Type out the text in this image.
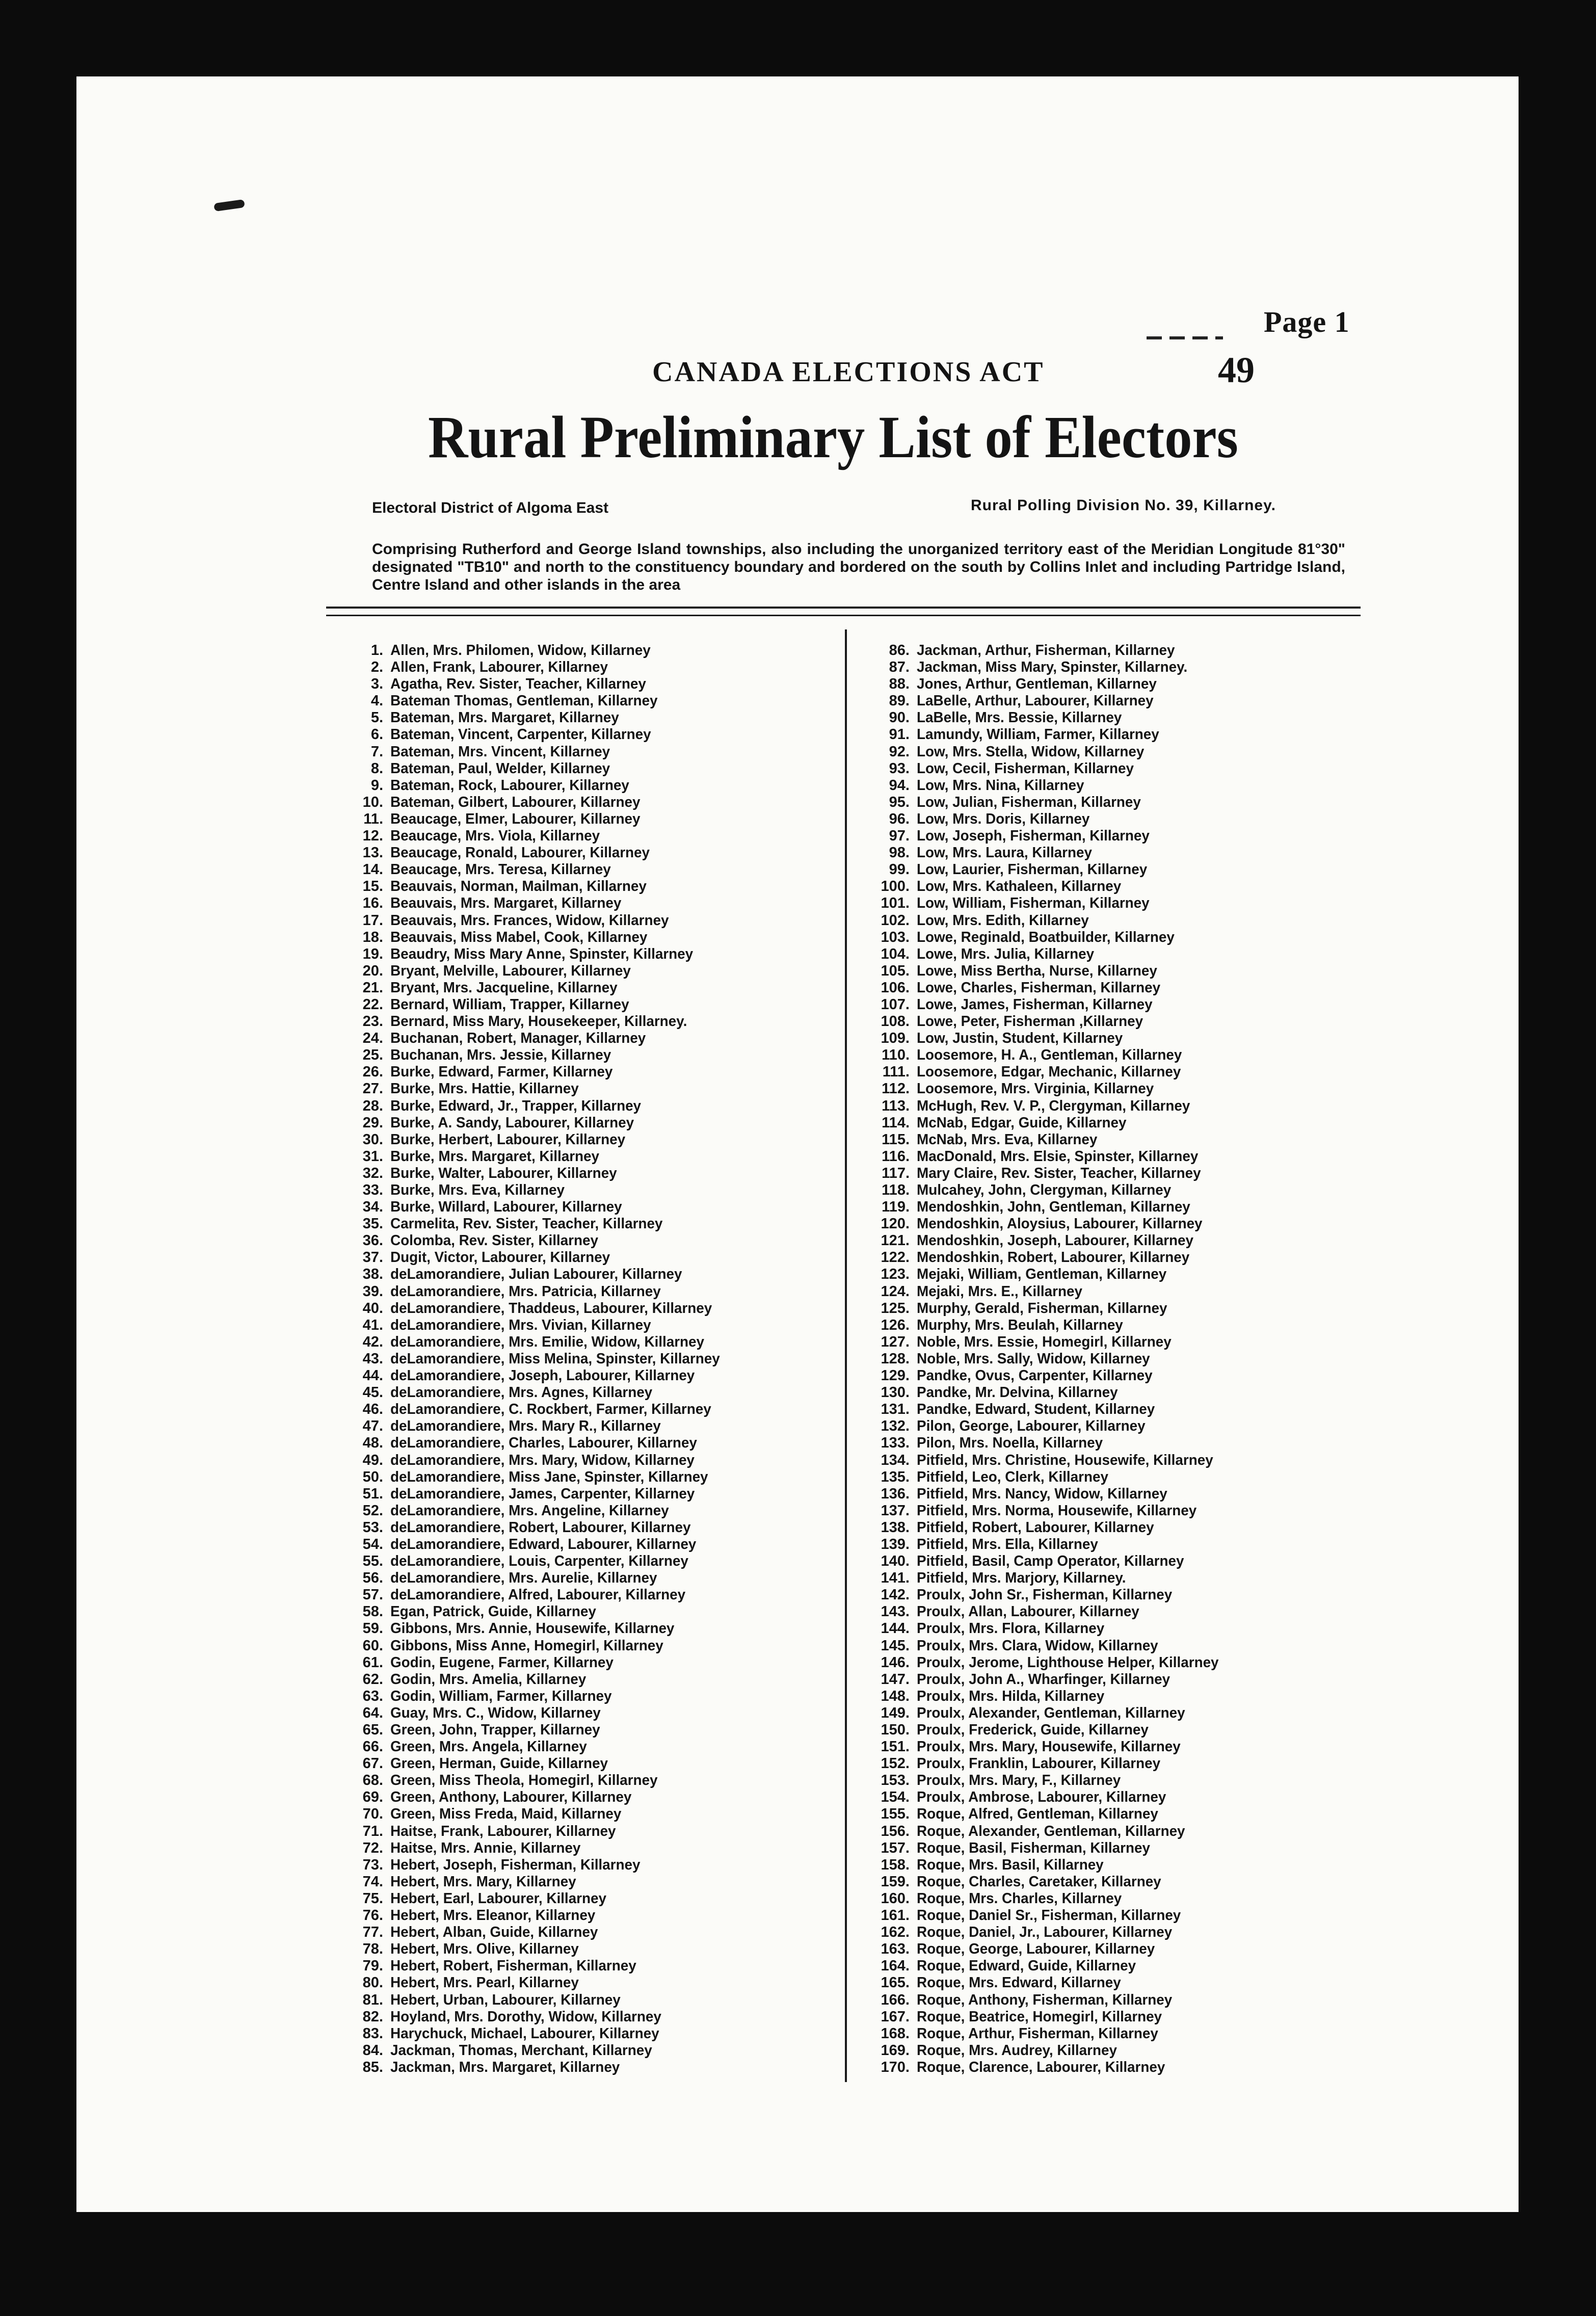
Page 1
CANADA ELECTIONS ACT	49
Rural Preliminary List of Electors
Electoral District of Algoma East	Rural Polling Division No. 39, Killarney.
Comprising Rutherford and George Island townships, also including the unorganized territory east of the Meridian Longitude 81°30" designated "TB10" and north to the constituency boundary and bordered on the south by Collins Inlet and including Partridge Island, Centre Island and other islands in the area
1. Allen, Mrs. Philomen, Widow, Killarney
2. Allen, Frank, Labourer, Killarney
3. Agatha, Rev. Sister, Teacher, Killarney
4. Bateman Thomas, Gentleman, Killarney
5. Bateman, Mrs. Margaret, Killarney
6. Bateman, Vincent, Carpenter, Killarney
7. Bateman, Mrs. Vincent, Killarney
8. Bateman, Paul, Welder, Killarney
9. Bateman, Rock, Labourer, Killarney
10. Bateman, Gilbert, Labourer, Killarney
11. Beaucage, Elmer, Labourer, Killarney
12. Beaucage, Mrs. Viola, Killarney
13. Beaucage, Ronald, Labourer, Killarney
14. Beaucage, Mrs. Teresa, Killarney
15. Beauvais, Norman, Mailman, Killarney
16. Beauvais, Mrs. Margaret, Killarney
17. Beauvais, Mrs. Frances, Widow, Killarney
18. Beauvais, Miss Mabel, Cook, Killarney
19. Beaudry, Miss Mary Anne, Spinster, Killarney
20. Bryant, Melville, Labourer, Killarney
21. Bryant, Mrs. Jacqueline, Killarney
22. Bernard, William, Trapper, Killarney
23. Bernard, Miss Mary, Housekeeper, Killarney.
24. Buchanan, Robert, Manager, Killarney
25. Buchanan, Mrs. Jessie, Killarney
26. Burke, Edward, Farmer, Killarney
27. Burke, Mrs. Hattie, Killarney
28. Burke, Edward, Jr., Trapper, Killarney
29. Burke, A. Sandy, Labourer, Killarney
30. Burke, Herbert, Labourer, Killarney
31. Burke, Mrs. Margaret, Killarney
32. Burke, Walter, Labourer, Killarney
33. Burke, Mrs. Eva, Killarney
34. Burke, Willard, Labourer, Killarney
35. Carmelita, Rev. Sister, Teacher, Killarney
36. Colomba, Rev. Sister, Killarney
37. Dugit, Victor, Labourer, Killarney
38. deLamorandiere, Julian Labourer, Killarney
39. deLamorandiere, Mrs. Patricia, Killarney
40. deLamorandiere, Thaddeus, Labourer, Killarney
41. deLamorandiere, Mrs. Vivian, Killarney
42. deLamorandiere, Mrs. Emilie, Widow, Killarney
43. deLamorandiere, Miss Melina, Spinster, Killarney
44. deLamorandiere, Joseph, Labourer, Killarney
45. deLamorandiere, Mrs. Agnes, Killarney
46. deLamorandiere, C. Rockbert, Farmer, Killarney
47. deLamorandiere, Mrs. Mary R., Killarney
48. deLamorandiere, Charles, Labourer, Killarney
49. deLamorandiere, Mrs. Mary, Widow, Killarney
50. deLamorandiere, Miss Jane, Spinster, Killarney
51. deLamorandiere, James, Carpenter, Killarney
52. deLamorandiere, Mrs. Angeline, Killarney
53. deLamorandiere, Robert, Labourer, Killarney
54. deLamorandiere, Edward, Labourer, Killarney
55. deLamorandiere, Louis, Carpenter, Killarney
56. deLamorandiere, Mrs. Aurelie, Killarney
57. deLamorandiere, Alfred, Labourer, Killarney
58. Egan, Patrick, Guide, Killarney
59. Gibbons, Mrs. Annie, Housewife, Killarney
60. Gibbons, Miss Anne, Homegirl, Killarney
61. Godin, Eugene, Farmer, Killarney
62. Godin, Mrs. Amelia, Killarney
63. Godin, William, Farmer, Killarney
64. Guay, Mrs. C., Widow, Killarney
65. Green, John, Trapper, Killarney
66. Green, Mrs. Angela, Killarney
67. Green, Herman, Guide, Killarney
68. Green, Miss Theola, Homegirl, Killarney
69. Green, Anthony, Labourer, Killarney
70. Green, Miss Freda, Maid, Killarney
71. Haitse, Frank, Labourer, Killarney
72. Haitse, Mrs. Annie, Killarney
73. Hebert, Joseph, Fisherman, Killarney
74. Hebert, Mrs. Mary, Killarney
75. Hebert, Earl, Labourer, Killarney
76. Hebert, Mrs. Eleanor, Killarney
77. Hebert, Alban, Guide, Killarney
78. Hebert, Mrs. Olive, Killarney
79. Hebert, Robert, Fisherman, Killarney
80. Hebert, Mrs. Pearl, Killarney
81. Hebert, Urban, Labourer, Killarney
82. Hoyland, Mrs. Dorothy, Widow, Killarney
83. Harychuck, Michael, Labourer, Killarney
84. Jackman, Thomas, Merchant, Killarney
85. Jackman, Mrs. Margaret, Killarney
86. Jackman, Arthur, Fisherman, Killarney
87. Jackman, Miss Mary, Spinster, Killarney.
88. Jones, Arthur, Gentleman, Killarney
89. LaBelle, Arthur, Labourer, Killarney
90. LaBelle, Mrs. Bessie, Killarney
91. Lamundy, William, Farmer, Killarney
92. Low, Mrs. Stella, Widow, Killarney
93. Low, Cecil, Fisherman, Killarney
94. Low, Mrs. Nina, Killarney
95. Low, Julian, Fisherman, Killarney
96. Low, Mrs. Doris, Killarney
97. Low, Joseph, Fisherman, Killarney
98. Low, Mrs. Laura, Killarney
99. Low, Laurier, Fisherman, Killarney
100. Low, Mrs. Kathaleen, Killarney
101. Low, William, Fisherman, Killarney
102. Low, Mrs. Edith, Killarney
103. Lowe, Reginald, Boatbuilder, Killarney
104. Lowe, Mrs. Julia, Killarney
105. Lowe, Miss Bertha, Nurse, Killarney
106. Lowe, Charles, Fisherman, Killarney
107. Lowe, James, Fisherman, Killarney
108. Lowe, Peter, Fisherman ,Killarney
109. Low, Justin, Student, Killarney
110. Loosemore, H. A., Gentleman, Killarney
111. Loosemore, Edgar, Mechanic, Killarney
112. Loosemore, Mrs. Virginia, Killarney
113. McHugh, Rev. V. P., Clergyman, Killarney
114. McNab, Edgar, Guide, Killarney
115. McNab, Mrs. Eva, Killarney
116. MacDonald, Mrs. Elsie, Spinster, Killarney
117. Mary Claire, Rev. Sister, Teacher, Killarney
118. Mulcahey, John, Clergyman, Killarney
119. Mendoshkin, John, Gentleman, Killarney
120. Mendoshkin, Aloysius, Labourer, Killarney
121. Mendoshkin, Joseph, Labourer, Killarney
122. Mendoshkin, Robert, Labourer, Killarney
123. Mejaki, William, Gentleman, Killarney
124. Mejaki, Mrs. E., Killarney
125. Murphy, Gerald, Fisherman, Killarney
126. Murphy, Mrs. Beulah, Killarney
127. Noble, Mrs. Essie, Homegirl, Killarney
128. Noble, Mrs. Sally, Widow, Killarney
129. Pandke, Ovus, Carpenter, Killarney
130. Pandke, Mr. Delvina, Killarney
131. Pandke, Edward, Student, Killarney
132. Pilon, George, Labourer, Killarney
133. Pilon, Mrs. Noella, Killarney
134. Pitfield, Mrs. Christine, Housewife, Killarney
135. Pitfield, Leo, Clerk, Killarney
136. Pitfield, Mrs. Nancy, Widow, Killarney
137. Pitfield, Mrs. Norma, Housewife, Killarney
138. Pitfield, Robert, Labourer, Killarney
139. Pitfield, Mrs. Ella, Killarney
140. Pitfield, Basil, Camp Operator, Killarney
141. Pitfield, Mrs. Marjory, Killarney.
142. Proulx, John Sr., Fisherman, Killarney
143. Proulx, Allan, Labourer, Killarney
144. Proulx, Mrs. Flora, Killarney
145. Proulx, Mrs. Clara, Widow, Killarney
146. Proulx, Jerome, Lighthouse Helper, Killarney
147. Proulx, John A., Wharfinger, Killarney
148. Proulx, Mrs. Hilda, Killarney
149. Proulx, Alexander, Gentleman, Killarney
150. Proulx, Frederick, Guide, Killarney
151. Proulx, Mrs. Mary, Housewife, Killarney
152. Proulx, Franklin, Labourer, Killarney
153. Proulx, Mrs. Mary, F., Killarney
154. Proulx, Ambrose, Labourer, Killarney
155. Roque, Alfred, Gentleman, Killarney
156. Roque, Alexander, Gentleman, Killarney
157. Roque, Basil, Fisherman, Killarney
158. Roque, Mrs. Basil, Killarney
159. Roque, Charles, Caretaker, Killarney
160. Roque, Mrs. Charles, Killarney
161. Roque, Daniel Sr., Fisherman, Killarney
162. Roque, Daniel, Jr., Labourer, Killarney
163. Roque, George, Labourer, Killarney
164. Roque, Edward, Guide, Killarney
165. Roque, Mrs. Edward, Killarney
166. Roque, Anthony, Fisherman, Killarney
167. Roque, Beatrice, Homegirl, Killarney
168. Roque, Arthur, Fisherman, Killarney
169. Roque, Mrs. Audrey, Killarney
170. Roque, Clarence, Labourer, Killarney
